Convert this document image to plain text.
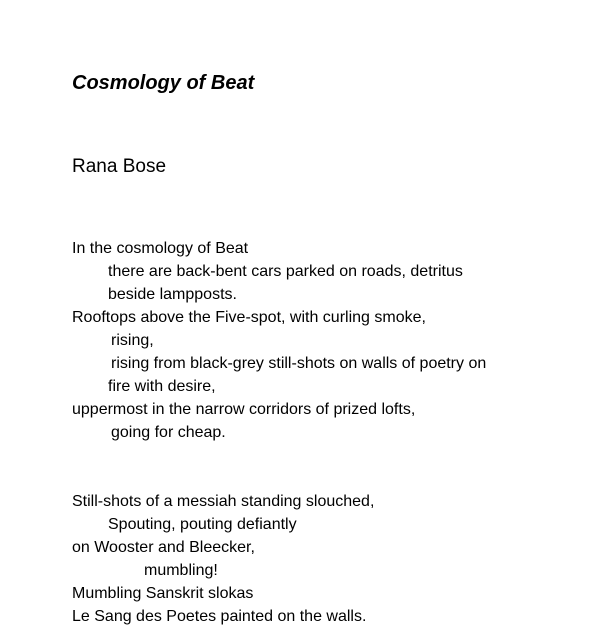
Cosmology of Beat
Rana Bose
In the cosmology of Beat
there are back-bent cars parked on roads, detritus
beside lampposts.
Rooftops above the Five-spot, with curling smoke,
rising,
rising from black-grey still-shots on walls of poetry on
fire with desire,
uppermost in the narrow corridors of prized lofts,
going for cheap.
Still-shots of a messiah standing slouched,
Spouting, pouting defiantly
on Wooster and Bleecker,
mumbling!
Mumbling Sanskrit slokas
Le Sang des Poetes painted on the walls.
